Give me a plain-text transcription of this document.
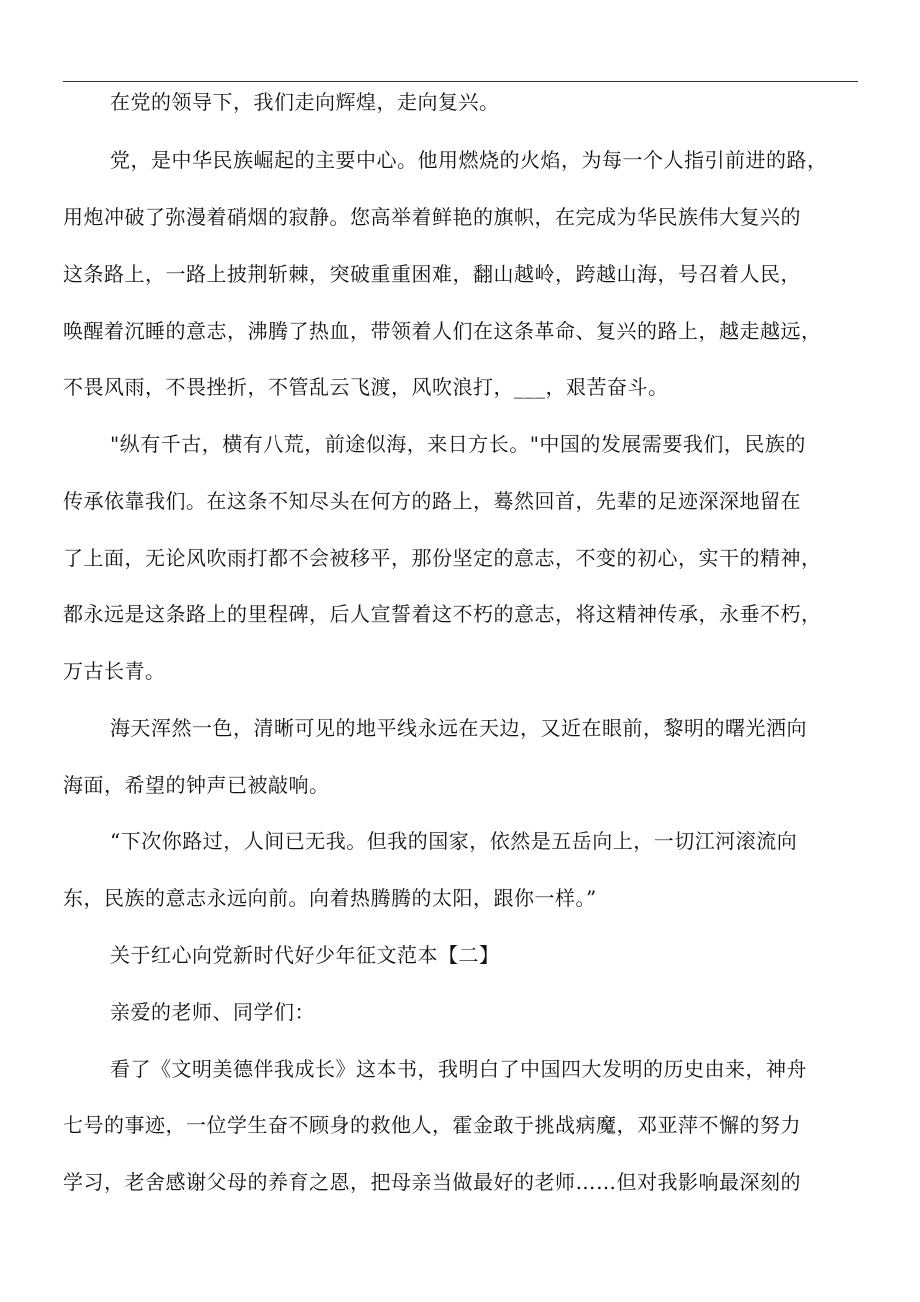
在党的领导下，我们走向辉煌，走向复兴。
党，是中华民族崛起的主要中心。他用燃烧的火焰，为每一个人指引前进的路，
用炮冲破了弥漫着硝烟的寂静。您高举着鲜艳的旗帜，在完成为华民族伟大复兴的
这条路上，一路上披荆斩棘，突破重重困难，翻山越岭，跨越山海，号召着人民，
唤醒着沉睡的意志，沸腾了热血，带领着人们在这条革命、复兴的路上，越走越远，
不畏风雨，不畏挫折，不管乱云飞渡，风吹浪打，___，艰苦奋斗。
"纵有千古，横有八荒，前途似海，来日方长。"中国的发展需要我们，民族的
传承依靠我们。在这条不知尽头在何方的路上，蓦然回首，先辈的足迹深深地留在
了上面，无论风吹雨打都不会被移平，那份坚定的意志，不变的初心，实干的精神，
都永远是这条路上的里程碑，后人宣誓着这不朽的意志，将这精神传承，永垂不朽，
万古长青。
海天浑然一色，清晰可见的地平线永远在天边，又近在眼前，黎明的曙光洒向
海面，希望的钟声已被敲响。
“下次你路过，人间已无我。但我的国家，依然是五岳向上，一切江河滚流向
东，民族的意志永远向前。向着热腾腾的太阳，跟你一样。”
关于红心向党新时代好少年征文范本【二】
亲爱的老师、同学们：
看了《文明美德伴我成长》这本书，我明白了中国四大发明的历史由来，神舟
七号的事迹，一位学生奋不顾身的救他人，霍金敢于挑战病魔，邓亚萍不懈的努力
学习，老舍感谢父母的养育之恩，把母亲当做最好的老师……但对我影响最深刻的
